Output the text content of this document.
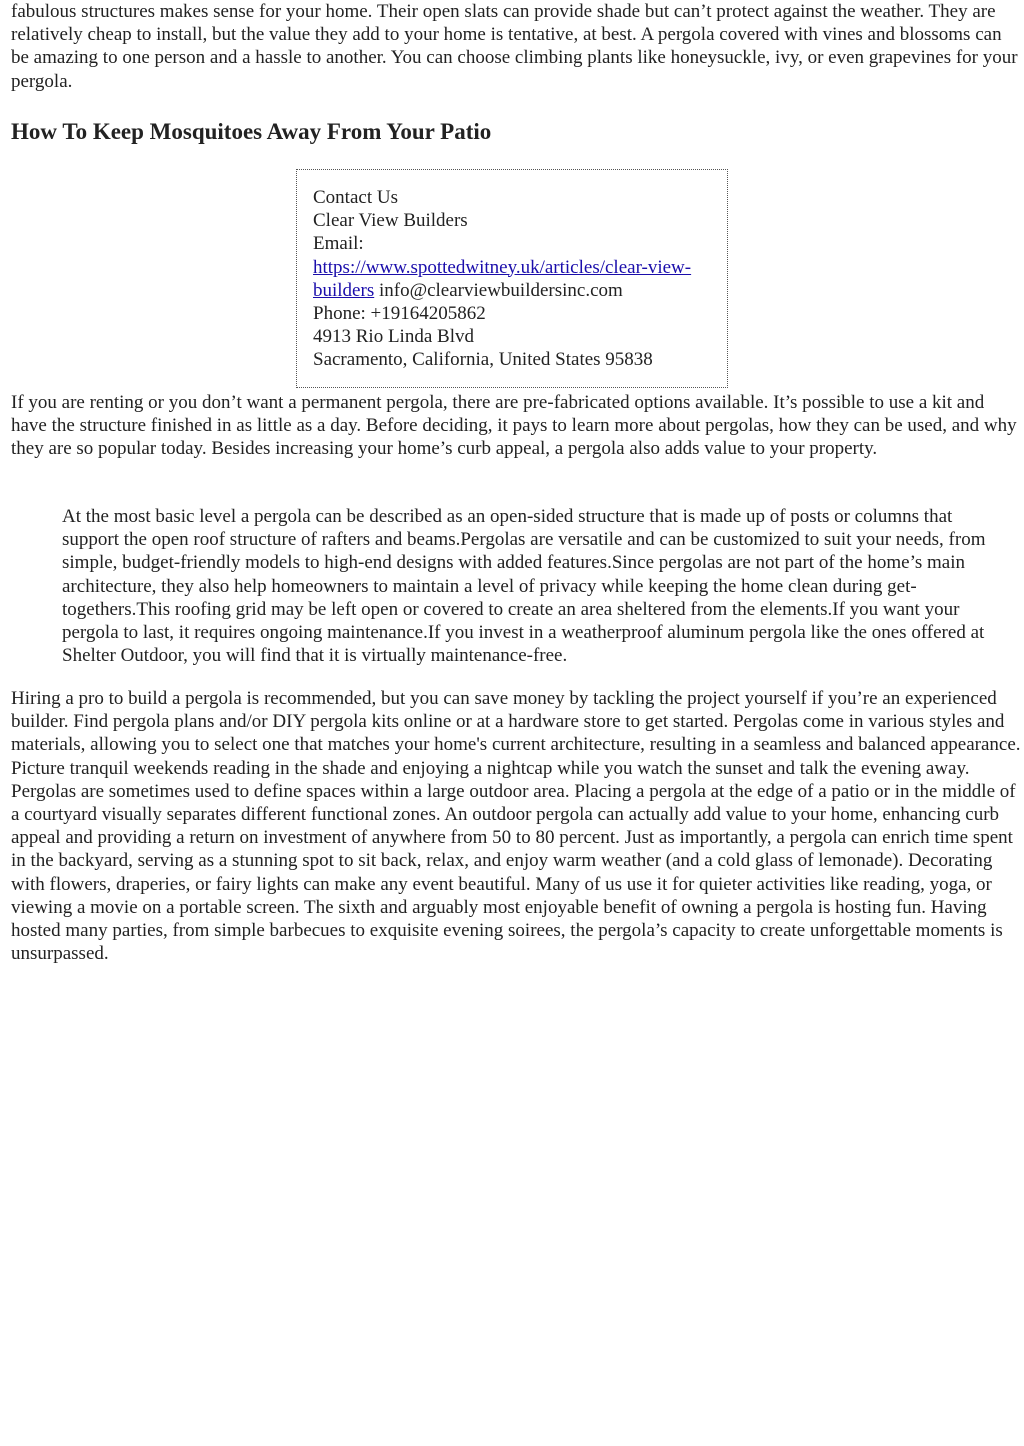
fabulous structures makes sense for your home. Their open slats can provide shade but can’t protect against the weather. They are relatively cheap to install, but the value they add to your home is tentative, at best. A pergola covered with vines and blossoms can be amazing to one person and a hassle to another. You can choose climbing plants like honeysuckle, ivy, or even grapevines for your pergola.

How To Keep Mosquitoes Away From Your Patio
Contact Us
Clear View Builders
Email:
https://www.spottedwitney.uk/articles/clear-view-builders info@clearviewbuildersinc.com
Phone: +19164205862
4913 Rio Linda Blvd
Sacramento, California, United States 95838

If you are renting or you don’t want a permanent pergola, there are pre-fabricated options available. It’s possible to use a kit and have the structure finished in as little as a day. Before deciding, it pays to learn more about pergolas, how they can be used, and why they are so popular today. Besides increasing your home’s curb appeal, a pergola also adds value to your property.

At the most basic level a pergola can be described as an open-sided structure that is made up of posts or columns that support the open roof structure of rafters and beams.Pergolas are versatile and can be customized to suit your needs, from simple, budget-friendly models to high-end designs with added features.Since pergolas are not part of the home’s main architecture, they also help homeowners to maintain a level of privacy while keeping the home clean during get-togethers.This roofing grid may be left open or covered to create an area sheltered from the elements.If you want your pergola to last, it requires ongoing maintenance.If you invest in a weatherproof aluminum pergola like the ones offered at Shelter Outdoor, you will find that it is virtually maintenance-free.

Hiring a pro to build a pergola is recommended, but you can save money by tackling the project yourself if you’re an experienced builder. Find pergola plans and/or DIY pergola kits online or at a hardware store to get started. Pergolas come in various styles and materials, allowing you to select one that matches your home's current architecture, resulting in a seamless and balanced appearance. Picture tranquil weekends reading in the shade and enjoying a nightcap while you watch the sunset and talk the evening away. Pergolas are sometimes used to define spaces within a large outdoor area. Placing a pergola at the edge of a patio or in the middle of a courtyard visually separates different functional zones. An outdoor pergola can actually add value to your home, enhancing curb appeal and providing a return on investment of anywhere from 50 to 80 percent. Just as importantly, a pergola can enrich time spent in the backyard, serving as a stunning spot to sit back, relax, and enjoy warm weather (and a cold glass of lemonade). Decorating with flowers, draperies, or fairy lights can make any event beautiful. Many of us use it for quieter activities like reading, yoga, or viewing a movie on a portable screen. The sixth and arguably most enjoyable benefit of owning a pergola is hosting fun. Having hosted many parties, from simple barbecues to exquisite evening soirees, the pergola’s capacity to create unforgettable moments is unsurpassed.
